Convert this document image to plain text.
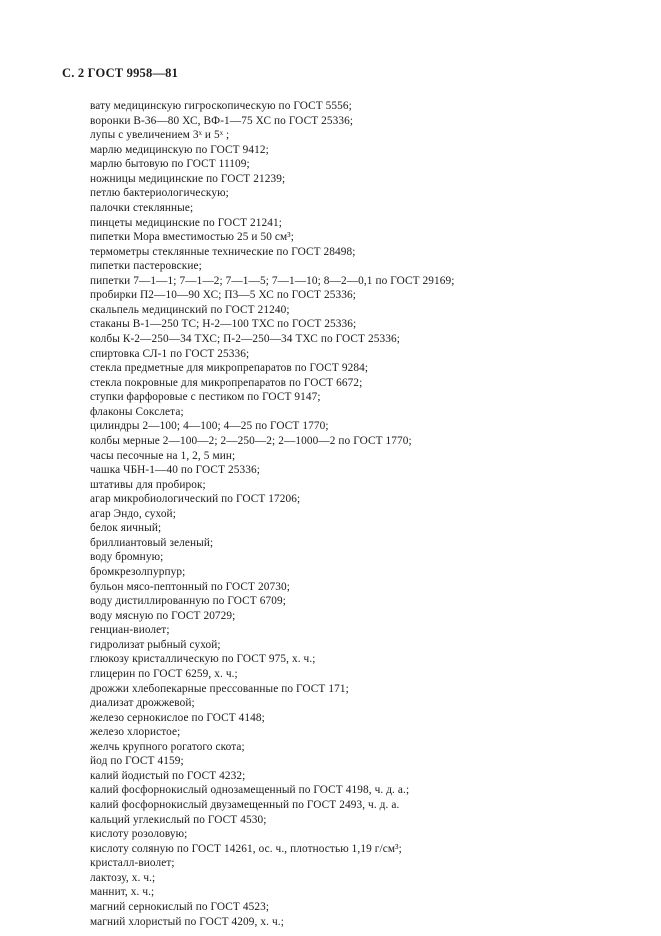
С. 2 ГОСТ 9958—81
вату медицинскую гигроскопическую по ГОСТ 5556;
воронки В-36—80 ХС, ВФ-1—75 ХС по ГОСТ 25336;
лупы с увеличением 3ˣ и 5ˣ ;
марлю медицинскую по ГОСТ 9412;
марлю бытовую по ГОСТ 11109;
ножницы медицинские по ГОСТ 21239;
петлю бактериологическую;
палочки стеклянные;
пинцеты медицинские по ГОСТ 21241;
пипетки Мора вместимостью 25 и 50 см³;
термометры стеклянные технические по ГОСТ 28498;
пипетки пастеровские;
пипетки 7—1—1; 7—1—2; 7—1—5; 7—1—10; 8—2—0,1 по ГОСТ 29169;
пробирки П2—10—90 ХС; П3—5 ХС по ГОСТ 25336;
скальпель медицинский по ГОСТ 21240;
стаканы В-1—250 ТС; Н-2—100 ТХС по ГОСТ 25336;
колбы К-2—250—34 ТХС; П-2—250—34 ТХС по ГОСТ 25336;
спиртовка СЛ-1 по ГОСТ 25336;
стекла предметные для микропрепаратов по ГОСТ 9284;
стекла покровные для микропрепаратов по ГОСТ 6672;
ступки фарфоровые с пестиком по ГОСТ 9147;
флаконы Сокслета;
цилиндры 2—100; 4—100; 4—25 по ГОСТ 1770;
колбы мерные 2—100—2; 2—250—2; 2—1000—2 по ГОСТ 1770;
часы песочные на 1, 2, 5 мин;
чашка ЧБН-1—40 по ГОСТ 25336;
штативы для пробирок;
агар микробиологический по ГОСТ 17206;
агар Эндо, сухой;
белок яичный;
бриллиантовый зеленый;
воду бромную;
бромкрезолпурпур;
бульон мясо-пептонный по ГОСТ 20730;
воду дистиллированную по ГОСТ 6709;
воду мясную по ГОСТ 20729;
генциан-виолет;
гидролизат рыбный сухой;
глюкозу кристаллическую по ГОСТ 975, х. ч.;
глицерин по ГОСТ 6259, х. ч.;
дрожжи хлебопекарные прессованные по ГОСТ 171;
диализат дрожжевой;
железо сернокислое по ГОСТ 4148;
железо хлористое;
желчь крупного рогатого скота;
йод по ГОСТ 4159;
калий йодистый по ГОСТ 4232;
калий фосфорнокислый однозамещенный по ГОСТ 4198, ч. д. а.;
калий фосфорнокислый двузамещенный по ГОСТ 2493, ч. д. а.
кальций углекислый по ГОСТ 4530;
кислоту розоловую;
кислоту соляную по ГОСТ 14261, ос. ч., плотностью 1,19 г/см³;
кристалл-виолет;
лактозу, х. ч.;
маннит, х. ч.;
магний сернокислый по ГОСТ 4523;
магний хлористый по ГОСТ 4209, х. ч.;
